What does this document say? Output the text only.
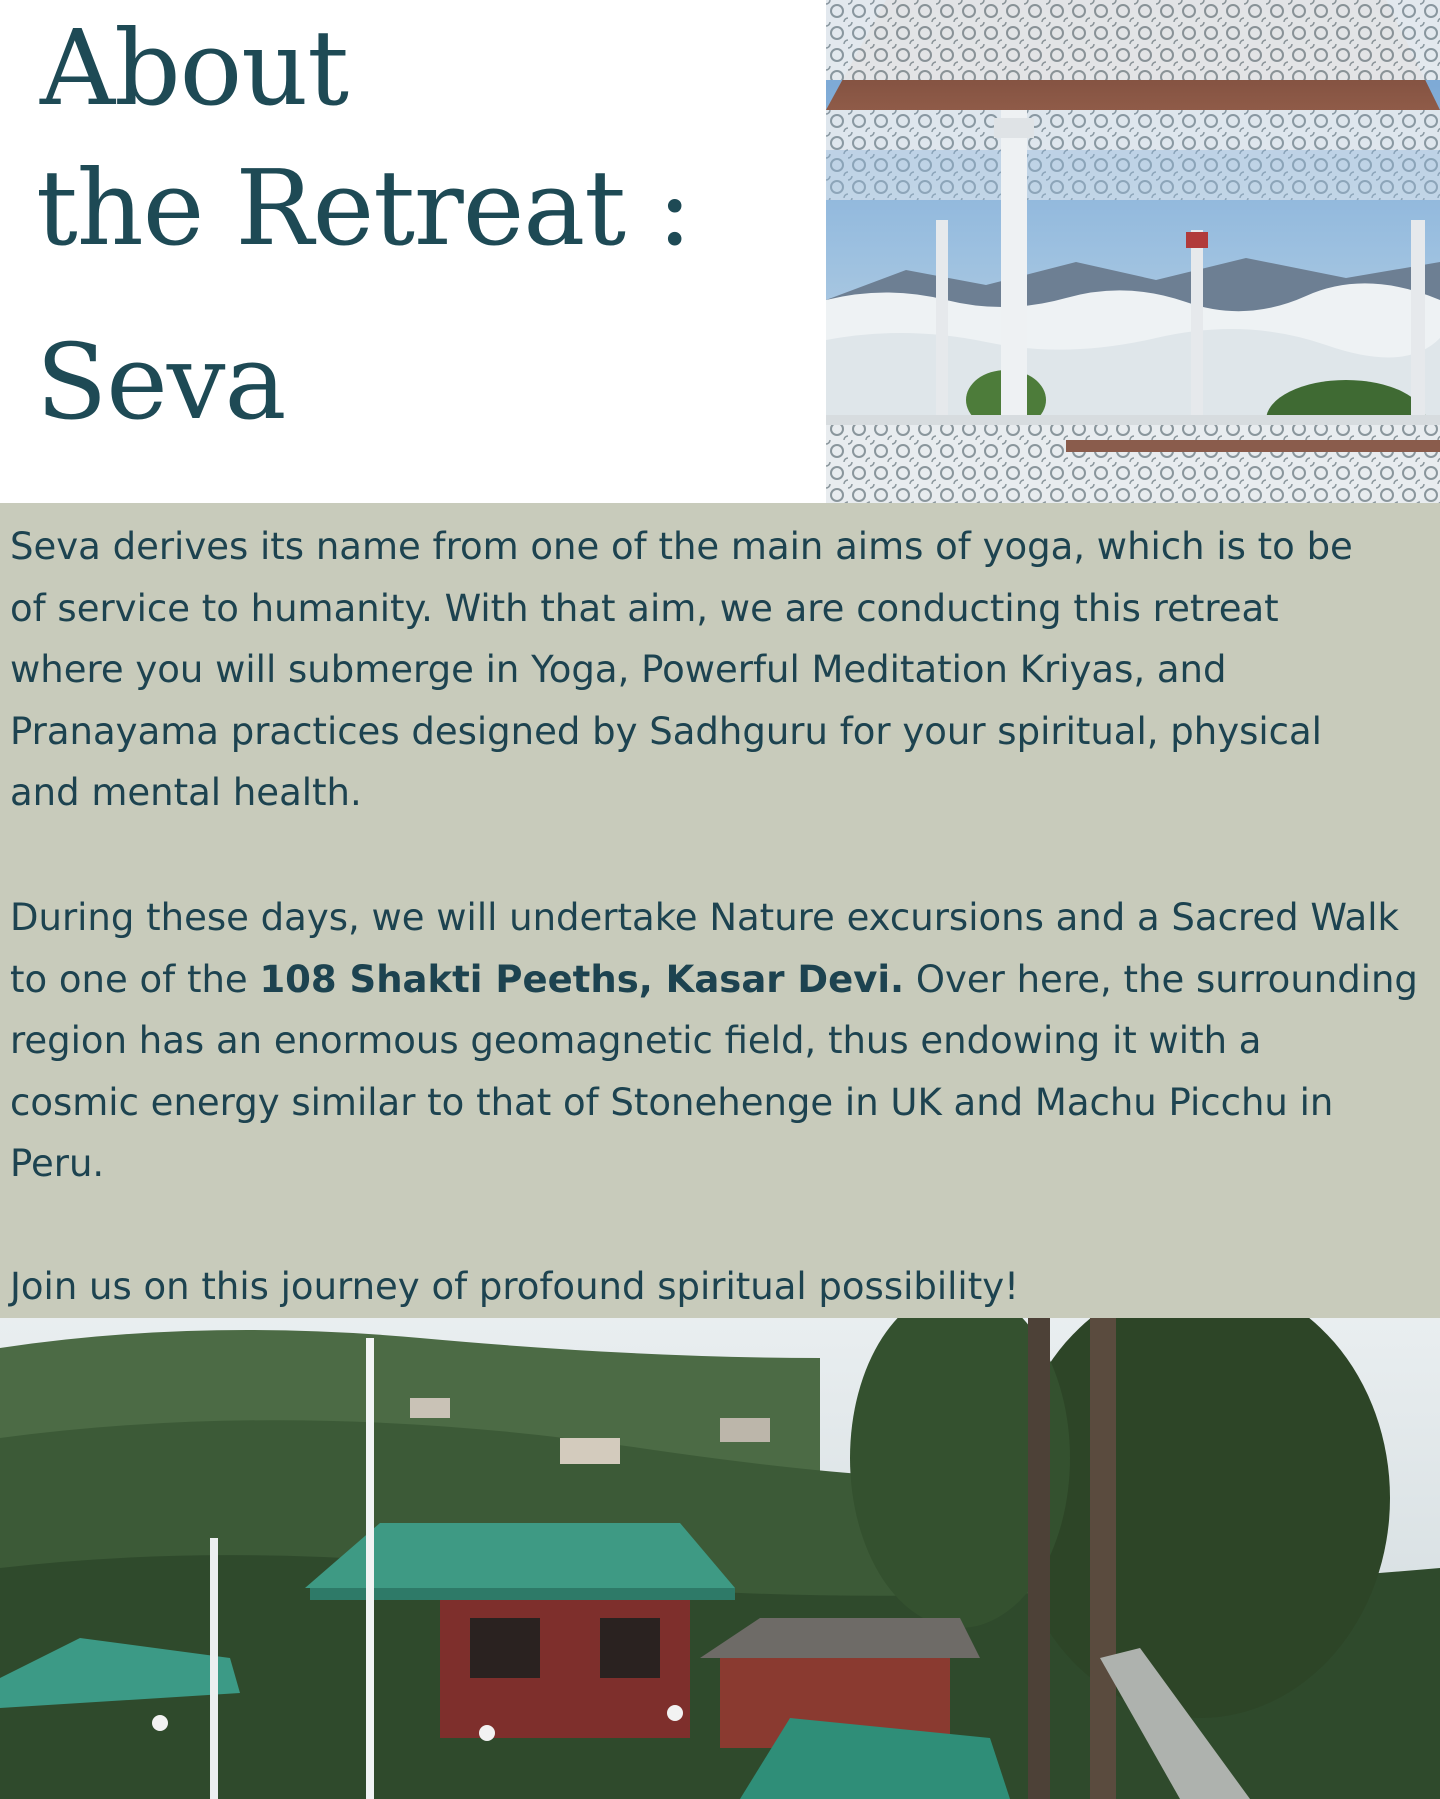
About
the Retreat :
Seva

Seva derives its name from one of the main aims of yoga, which is to be
of service to humanity. With that aim, we are conducting this retreat
where you will submerge in Yoga, Powerful Meditation Kriyas, and
Pranayama practices designed by Sadhguru for your spiritual, physical
and mental health.

During these days, we will undertake Nature excursions and a Sacred Walk
to one of the 108 Shakti Peeths, Kasar Devi. Over here, the surrounding
region has an enormous geomagnetic field, thus endowing it with a
cosmic energy similar to that of Stonehenge in UK and Machu Picchu in
Peru.

Join us on this journey of profound spiritual possibility!
